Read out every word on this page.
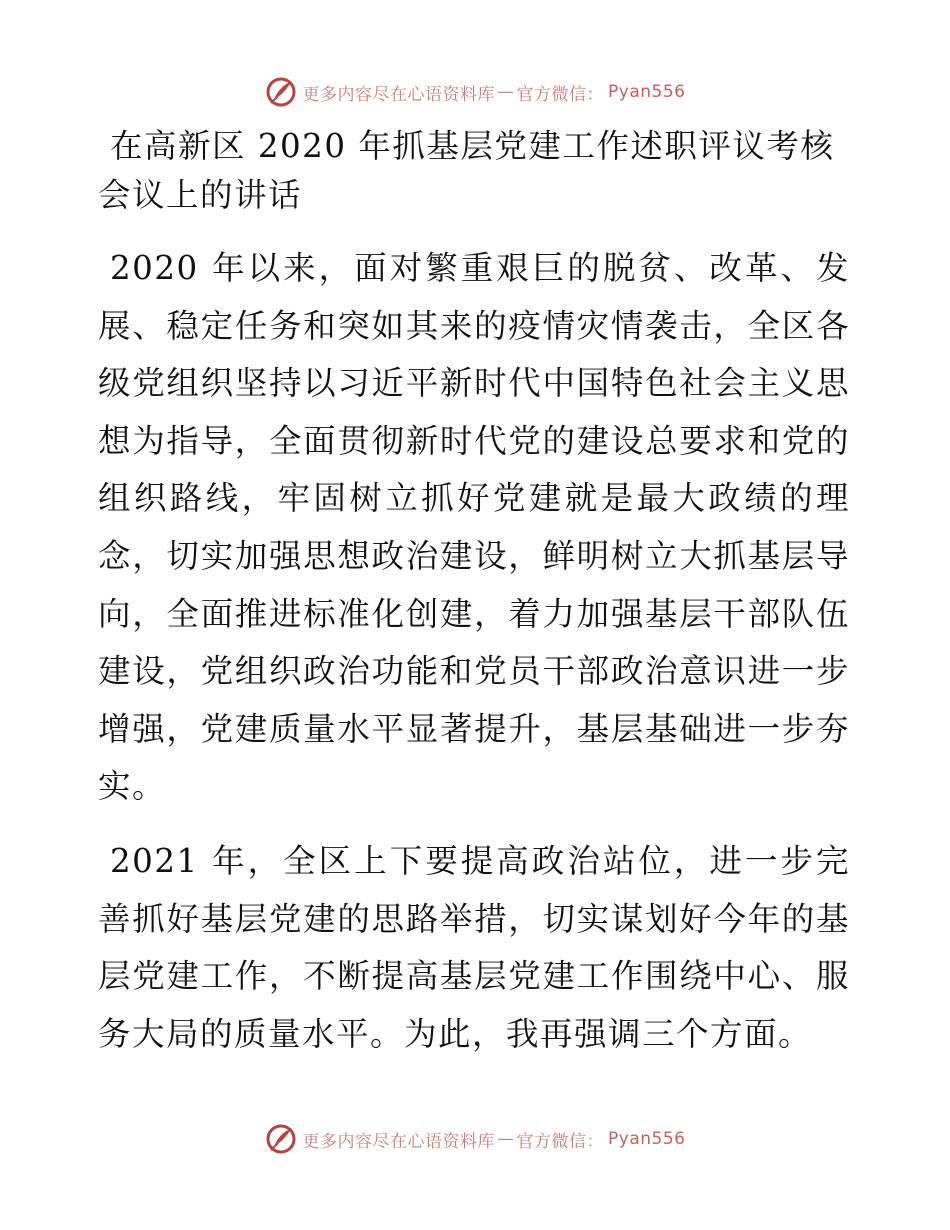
更多内容尽在心语资料库 — 官方微信： Pyan556
在高新区 2020 年抓基层党建工作述职评议考核会议上的讲话

2020 年以来，面对繁重艰巨的脱贫、改革、发展、稳定任务和突如其来的疫情灾情袭击，全区各级党组织坚持以习近平新时代中国特色社会主义思想为指导，全面贯彻新时代党的建设总要求和党的组织路线，牢固树立抓好党建就是最大政绩的理念，切实加强思想政治建设，鲜明树立大抓基层导向，全面推进标准化创建，着力加强基层干部队伍建设，党组织政治功能和党员干部政治意识进一步增强，党建质量水平显著提升，基层基础进一步夯实。

2021 年，全区上下要提高政治站位，进一步完善抓好基层党建的思路举措，切实谋划好今年的基层党建工作，不断提高基层党建工作围绕中心、服务大局的质量水平。为此，我再强调三个方面。

更多内容尽在心语资料库 — 官方微信： Pyan556
